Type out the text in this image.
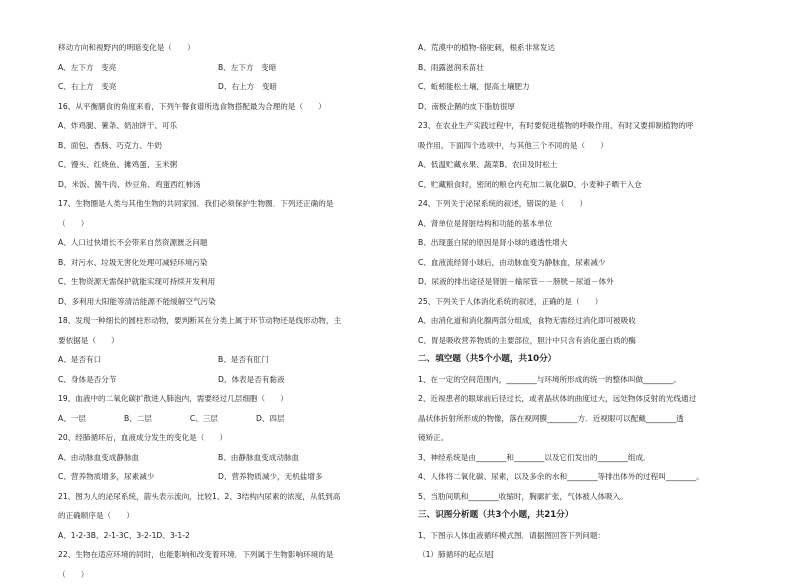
移动方向和视野内的明暗变化是（　　）
A、左下方　变亮	B、左下方　变暗
C、右上方　变亮	D、右上方　变暗
16、从平衡膳食的角度来看，下列午餐食谱所选食物搭配最为合理的是（　　）
A、炸鸡腿、薯条、奶油饼干、可乐
B、面包、香肠、巧克力、牛奶
C、馒头、红烧鱼、摊鸡蛋、玉米粥
D、米饭、酱牛肉、炒豆角、鸡蛋西红柿汤
17、生物圈是人类与其他生物的共同家园．我们必须保护生物圈．下列还正确的是
（　　）
A、人口过快增长不会带来自然资源匮乏问题
B、对污水、垃圾无害化处理可减轻环境污染
C、生物资源无需保护就能实现可持续开发利用
D、多利用大阳能等清洁能源不能缓解空气污染
18、发现一种细长的圆柱形动物，要判断其在分类上属于环节动物还是线形动物，主
要依据是（　　）
A、是否有口	B、是否有肛门
C、身体是否分节	D、体表是否有黏液
19、血液中的二氧化碳扩散进入肺泡内，需要经过几层细胞（　　）
A、一层　　　　　B、二层　　　　　C、三层　　　　　D、四层
20、经肺循环后，血液成分发生的变化是（　　）
A、由动脉血变成静脉血	B、由静脉血变成动脉血
C、营养物质增多，尿素减少	D、营养物质减少，无机盐增多
21、图为人的泌尿系统，箭头表示流向，比较1、2、3结构内尿素的浓度，从低到高
的正确顺序是（　　）
A、1-2-3B、2-1-3C、3-2-1D、3-1-2
22、生物在适应环境的同时，也能影响和改变着环境．下列属于生物影响环境的是
（　　）
A、荒漠中的植物-骆驼刺，根系非常发达
B、雨露滋润禾苗壮
C、蚯蚓能松土壤，提高土壤肥力
D、南极企鹅的皮下脂肪很厚
23、在农业生产实践过程中，有时要促进植物的呼吸作用，有时又要抑制植物的呼
吸作用。下面四个选项中，与其他三个不同的是（　　）
A、低温贮藏水果、蔬菜B、农田及时松土
C、贮藏粮食时，密闭的粮仓内充加二氧化碳D、小麦种子晒干入仓
24、下列关于泌尿系统的叙述，错误的是（　　）
A、肾单位是肾脏结构和功能的基本单位
B、出现蛋白尿的原因是肾小球的通透性增大
C、血液流经肾小球后，由动脉血变为静脉血，尿素减少
D、尿液的排出途径是肾脏－输尿管－－膀胱－尿道－体外
25、下列关于人体消化系统的叙述，正确的是（　　）
A、由消化道和消化腺两部分组成，食物无需经过消化即可被吸收
C、胃是吸收营养物质的主要部位，胆汁中只含有消化蛋白质的酶
二、填空题（共5个小题，共10分）
1、在一定的空间范围内，________与环境所形成的统一的整体叫做________。
2、近视患者的眼球前后径过长，或者晶状体的曲度过大，远处物体反射的光线通过
晶状体折射所形成的物像，落在视网膜________方．近视眼可以配戴________透
镜矫正。
3、神经系统是由________和________以及它们发出的________组成．
4、人体将二氧化碳、尿素，以及多余的水和________等排出体外的过程叫________。
5、当肋间肌和________收缩时，胸廓扩张，气体被人体吸入。
三、识图分析题（共3个小题，共21分）
1、下图示人体血液循环模式图．请据图回答下列问题：
（1）肺循环的起点是[
